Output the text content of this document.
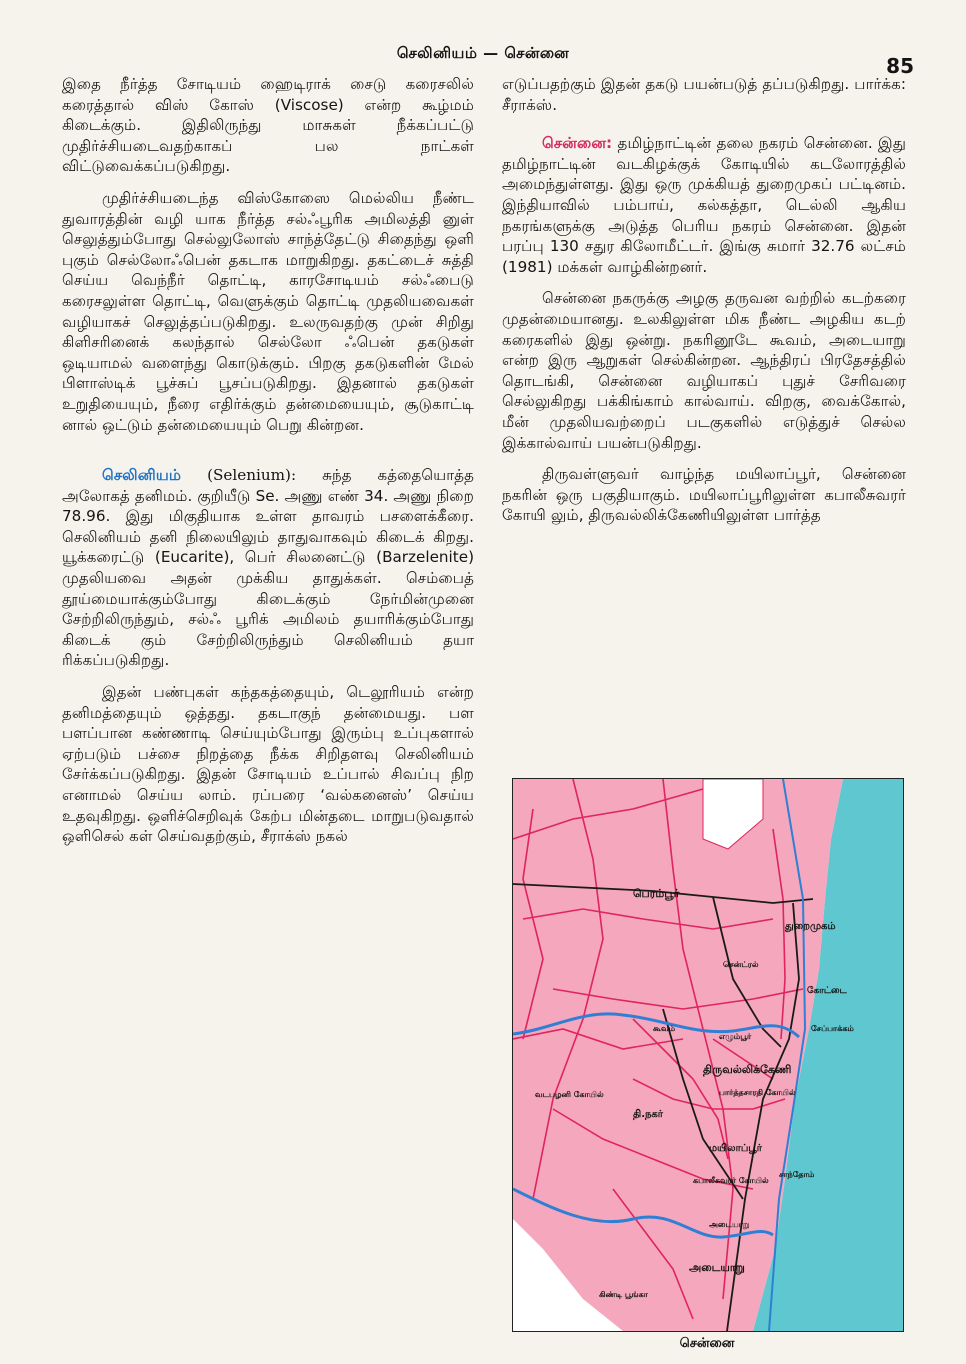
செலினியம் — சென்னை
85

இதை நீர்த்த சோடியம் ஹைடிராக் சைடு கரைசலில் கரைத்தால் விஸ் கோஸ் (Viscose) என்ற கூழ்மம் கிடைக்கும். இதிலிருந்து மாசுகள் நீக்கப்பட்டு முதிர்ச்சியடைவதற்காகப் பல நாட்கள் விட்டுவைக்கப்படுகிறது.

முதிர்ச்சியடைந்த விஸ்கோஸை மெல்லிய நீண்ட துவாரத்தின் வழி யாக நீர்த்த சல்ஃபூரிக அமிலத்தி னுள் செலுத்தும்போது செல்லுலோஸ் சாந்த்தேட்டு சிதைந்து ஒளி புகும் செல்லோஃபென் தகடாக மாறுகிறது. தகட்டைச் சுத்தி செய்ய வெந்நீர் தொட்டி, காரசோடியம் சல்ஃபைடு கரைசலுள்ள தொட்டி, வெளுக்கும் தொட்டி முதலியவைகள் வழியாகச் செலுத்தப்படுகிறது. உலருவதற்கு முன் சிறிது கிளிசரினைக் கலந்தால் செல்லோ ஃபென் தகடுகள் ஒடியாமல் வளைந்து கொடுக்கும். பிறகு தகடுகளின் மேல் பிளாஸ்டிக் பூச்சுப் பூசப்படுகிறது. இதனால் தகடுகள் உறுதியையும், நீரை எதிர்க்கும் தன்மையையும், சூடுகாட்டி னால் ஒட்டும் தன்மையையும் பெறு கின்றன.

செலினியம் (Selenium): சுந்த கத்தையொத்த அலோகத் தனிமம். குறியீடு Se. அணு எண் 34. அணு நிறை 78.96. இது மிகுதியாக உள்ள தாவரம் பசளைக்கீரை. செலினியம் தனி நிலையிலும் தாதுவாகவும் கிடைக் கிறது. யூக்கரைட்டு (Eucarite), பெர் சிலனைட்டு (Barzelenite) முதலியவை அதன் முக்கிய தாதுக்கள். செம்பைத் தூய்மையாக்கும்போது கிடைக்கும் நேர்மின்முனை சேற்றிலிருந்தும், சல்ஃ பூரிக் அமிலம் தயாரிக்கும்போது கிடைக் கும் சேற்றிலிருந்தும் செலினியம் தயா ரிக்கப்படுகிறது.

இதன் பண்புகள் கந்தகத்தையும், டெலூரியம் என்ற தனிமத்தையும் ஒத்தது. தகடாகுந் தன்மையது. பள பளப்பான கண்ணாடி செய்யும்போது இரும்பு உப்புகளால் ஏற்படும் பச்சை நிறத்தை நீக்க சிறிதளவு செலினியம் சேர்க்கப்படுகிறது. இதன் சோடியம் உப்பால் சிவப்பு நிற எனாமல் செய்ய லாம். ரப்பரை ‘வல்கனைஸ்’ செய்ய உதவுகிறது. ஒளிச்செறிவுக் கேற்ப மின்தடை மாறுபடுவதால் ஒளிசெல் கள் செய்வதற்கும், சீராக்ஸ் நகல்

எடுப்பதற்கும் இதன் தகடு பயன்படுத் தப்படுகிறது. பார்க்க: சீராக்ஸ்.

சென்னை: தமிழ்நாட்டின் தலை நகரம் சென்னை. இது தமிழ்நாட்டின் வடகிழக்குக் கோடியில் கடலோரத்தில் அமைந்துள்ளது. இது ஒரு முக்கியத் துறைமுகப் பட்டினம். இந்தியாவில் பம்பாய், கல்கத்தா, டெல்லி ஆகிய நகரங்களுக்கு அடுத்த பெரிய நகரம் சென்னை. இதன் பரப்பு 130 சதுர கிலோமீட்டர். இங்கு சுமார் 32.76 லட்சம் (1981) மக்கள் வாழ்கின்றனர்.

சென்னை நகருக்கு அழகு தருவன வற்றில் கடற்கரை முதன்மையானது. உலகிலுள்ள மிக நீண்ட அழகிய கடற் கரைகளில் இது ஒன்று. நகரினூடே கூவம், அடையாறு என்ற இரு ஆறுகள் செல்கின்றன. ஆந்திரப் பிரதேசத்தில் தொடங்கி, சென்னை வழியாகப் புதுச் சேரிவரை செல்லுகிறது பக்கிங்காம் கால்வாய். விறகு, வைக்கோல், மீன் முதலியவற்றைப் படகுகளில் எடுத்துச் செல்ல இக்கால்வாய் பயன்படுகிறது.

திருவள்ளுவர் வாழ்ந்த மயிலாப்பூர், சென்னை நகரின் ஒரு பகுதியாகும். மயிலாப்பூரிலுள்ள கபாலீசுவரர் கோயி லும், திருவல்லிக்கேணியிலுள்ள பார்த்த

பெரம்பூர்
துறைமுகம்
கோட்டை
சென்ட்ரல்
எழும்பூர்
கூவம்	சேப்பாக்கம்
திருவல்லிக்கேணி
பார்த்தசாரதி கோயில்
வடபழனி கோயில்
தி.நகர்
மயிலாப்பூர்
கபாலீசுவரர் கோயில்
சாந்தோம்
அடையாறு
அடையாறு
கிண்டி பூங்கா
சென்னை
